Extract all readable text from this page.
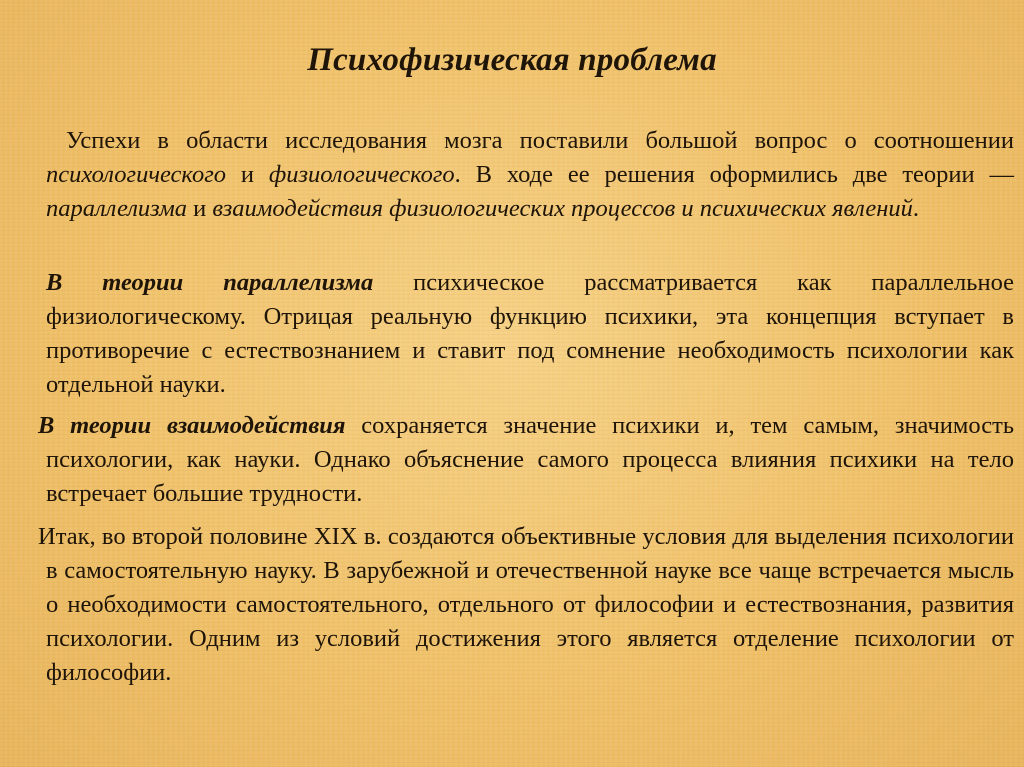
Психофизическая проблема
Успехи в области исследования мозга поставили большой вопрос о соотношении психологического и физиологического. В ходе ее решения оформились две теории — параллелизма и взаимодействия физиологических процессов и психических явлений.
В теории параллелизма психическое рассматривается как параллельное физиологическому. Отрицая реальную функцию психики, эта концепция вступает в противоречие с естествознанием и ставит под сомнение необходимость психологии как отдельной науки.
В теории взаимодействия сохраняется значение психики и, тем самым, значимость психологии, как науки. Однако объяснение самого процесса влияния психики на тело встречает большие трудности.
Итак, во второй половине XIX в. создаются объективные условия для выделения психологии в самостоятельную науку. В зарубежной и отечественной науке все чаще встречается мысль о необходимости самостоятельного, отдельного от философии и естествознания, развития психологии. Одним из условий достижения этого является отделение психологии от философии.
